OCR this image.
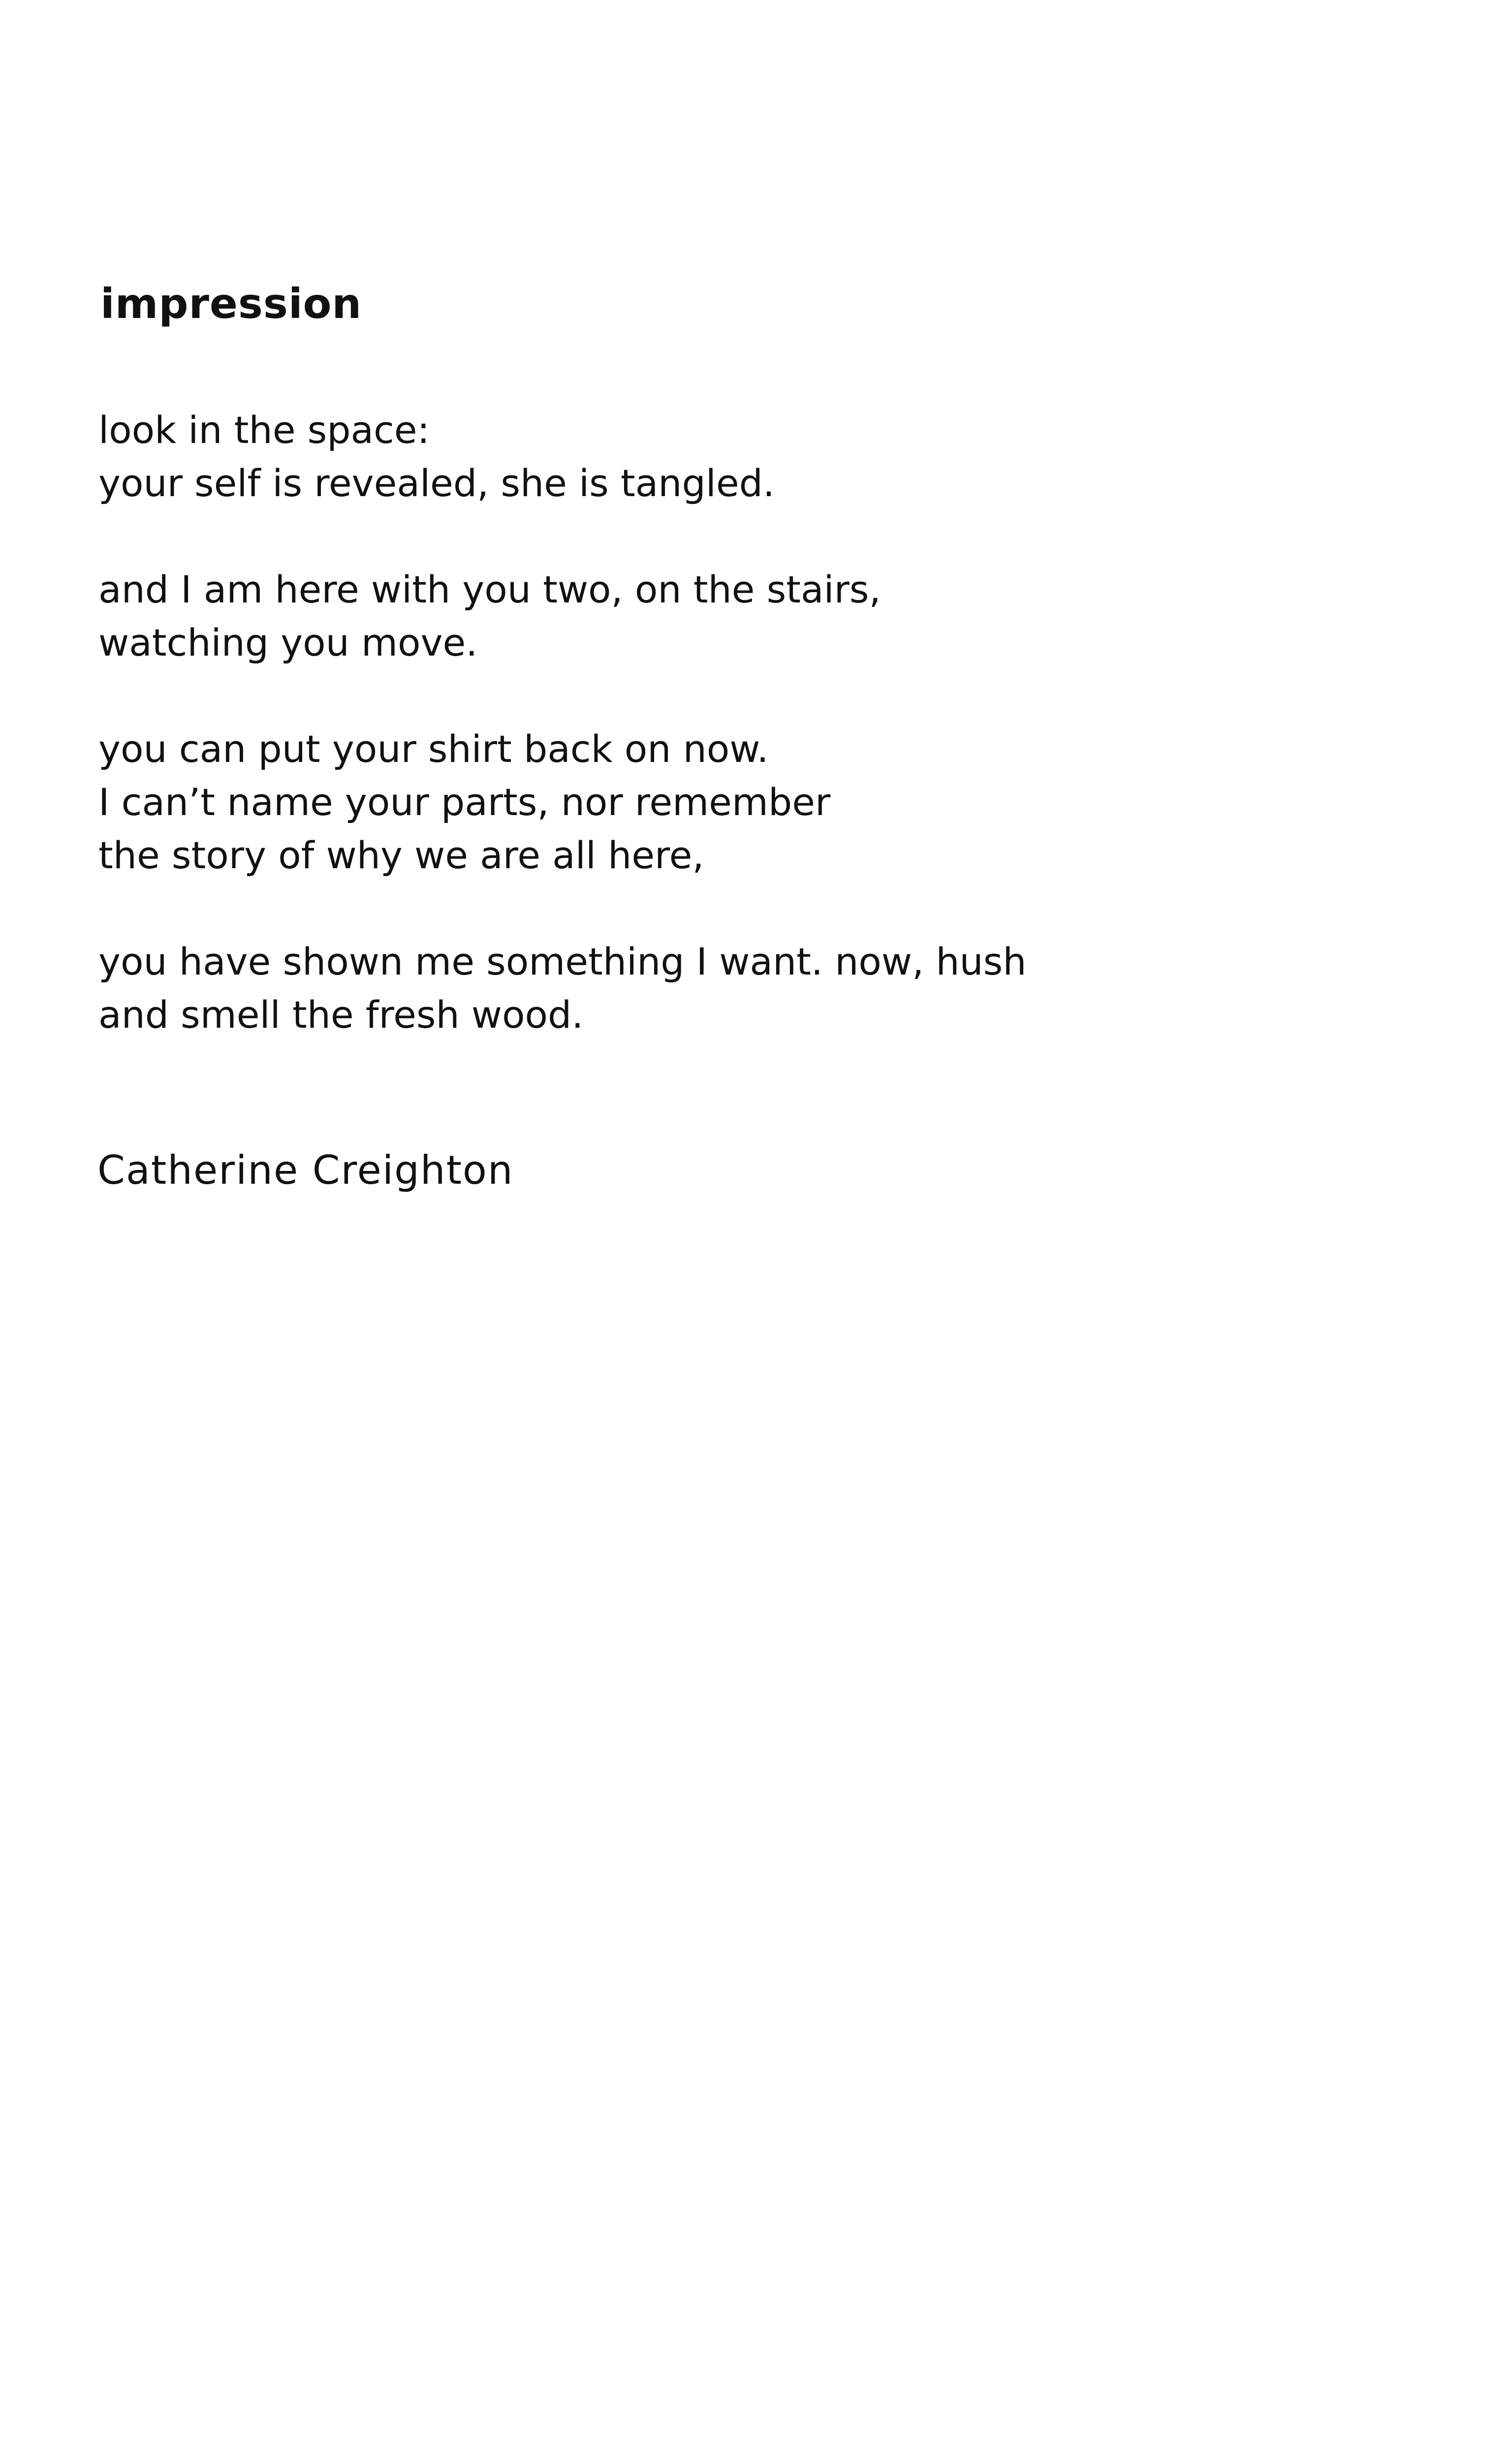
impression
look in the space:
your self is revealed, she is tangled.
and I am here with you two, on the stairs,
watching you move.
you can put your shirt back on now.
I can’t name your parts, nor remember
the story of why we are all here,
you have shown me something I want. now, hush
and smell the fresh wood.

Catherine Creighton
